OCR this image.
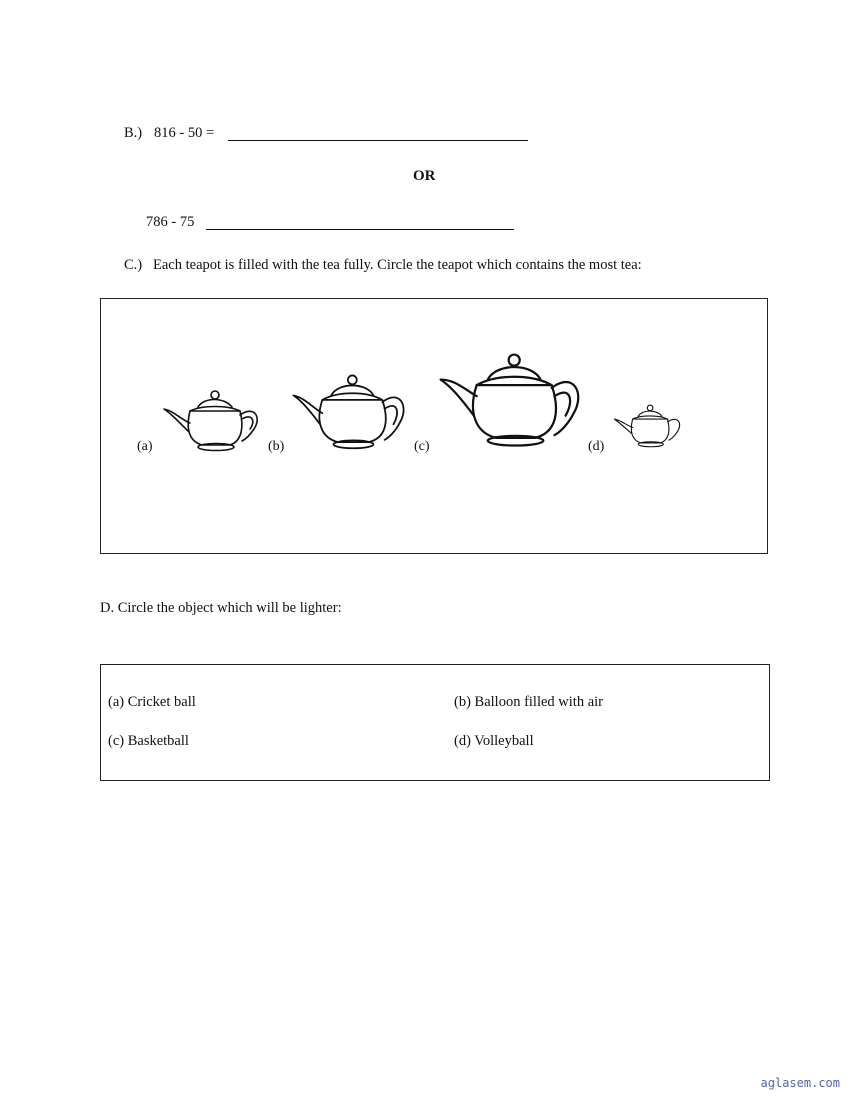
B.) 816 - 50 =
OR
786 - 75
C.) Each teapot is filled with the tea fully. Circle the teapot which contains the most tea:
(a)	(b)	(c)	(d)
D. Circle the object which will be lighter:
(a) Cricket ball	(b) Balloon filled with air
(c) Basketball	(d) Volleyball
aglasem.com
